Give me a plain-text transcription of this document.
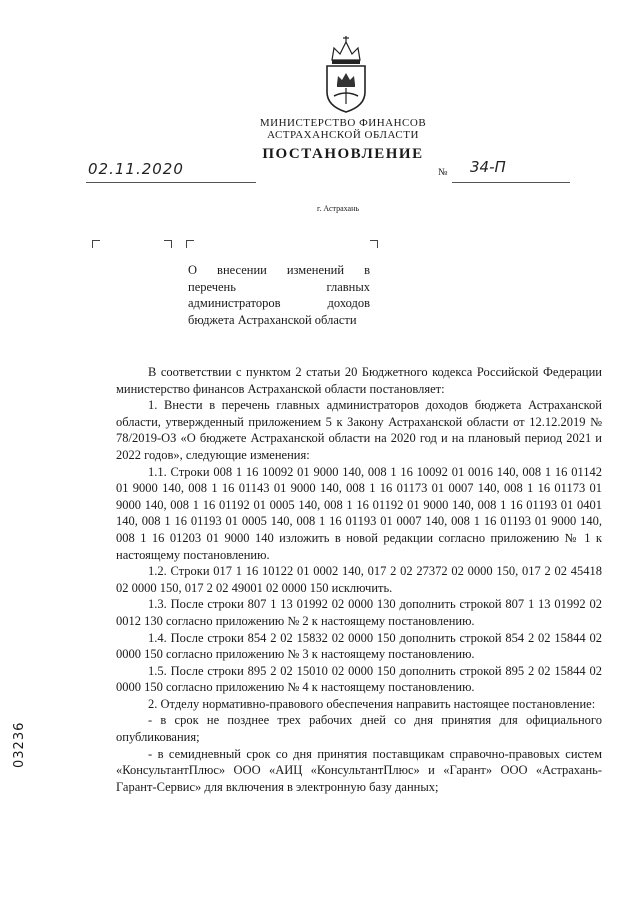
МИНИСТЕРСТВО ФИНАНСОВ
АСТРАХАНСКОЙ ОБЛАСТИ
ПОСТАНОВЛЕНИЕ
02.11.2020	№ 34-П
г. Астрахань
О внесении изменений в перечень главных администраторов доходов бюджета Астраханской области

В соответствии с пунктом 2 статьи 20 Бюджетного кодекса Российской Федерации министерство финансов Астраханской области постановляет:

1. Внести в перечень главных администраторов доходов бюджета Астраханской области, утвержденный приложением 5 к Закону Астраханской области от 12.12.2019 № 78/2019-ОЗ «О бюджете Астраханской области на 2020 год и на плановый период 2021 и 2022 годов», следующие изменения:

1.1. Строки 008 1 16 10092 01 9000 140, 008 1 16 10092 01 0016 140, 008 1 16 01142 01 9000 140, 008 1 16 01143 01 9000 140, 008 1 16 01173 01 0007 140, 008 1 16 01173 01 9000 140, 008 1 16 01192 01 0005 140, 008 1 16 01192 01 9000 140, 008 1 16 01193 01 0401 140, 008 1 16 01193 01 0005 140, 008 1 16 01193 01 0007 140, 008 1 16 01193 01 9000 140, 008 1 16 01203 01 9000 140 изложить в новой редакции согласно приложению № 1 к настоящему постановлению.

1.2. Строки 017 1 16 10122 01 0002 140, 017 2 02 27372 02 0000 150, 017 2 02 45418 02 0000 150, 017 2 02 49001 02 0000 150 исключить.

1.3. После строки 807 1 13 01992 02 0000 130 дополнить строкой 807 1 13 01992 02 0012 130 согласно приложению № 2 к настоящему постановлению.

1.4. После строки 854 2 02 15832 02 0000 150 дополнить строкой 854 2 02 15844 02 0000 150 согласно приложению № 3 к настоящему постановлению.

1.5. После строки 895 2 02 15010 02 0000 150 дополнить строкой 895 2 02 15844 02 0000 150 согласно приложению № 4 к настоящему постановлению.

2. Отделу нормативно-правового обеспечения направить настоящее постановление:

- в срок не позднее трех рабочих дней со дня принятия для официального опубликования;

- в семидневный срок со дня принятия поставщикам справочно-правовых систем «КонсультантПлюс» ООО «АИЦ «КонсультантПлюс» и «Гарант» ООО «Астрахань-Гарант-Сервис» для включения в электронную базу данных;

03236
